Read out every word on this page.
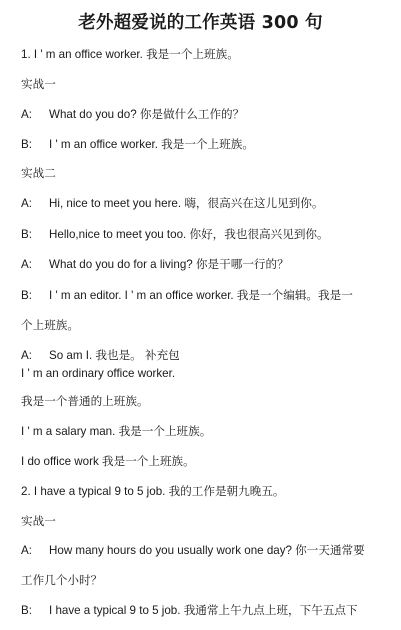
老外超爱说的工作英语 300 句
1. I ' m an office worker. 我是一个上班族。
实战一
A: What do you do? 你是做什么工作的？
B: I ' m an office worker. 我是一个上班族。
实战二
A: Hi, nice to meet you here. 嗨，很高兴在这儿见到你。
B: Hello,nice to meet you too. 你好，我也很高兴见到你。
A: What do you do for a living? 你是干哪一行的？
B: I ' m an editor. I ' m an office worker. 我是一个编辑。我是一
个上班族。
A: So am I. 我也是。 补充包
I ' m an ordinary office worker.
我是一个普通的上班族。
I ' m a salary man. 我是一个上班族。
I do office work 我是一个上班族。
2. I have a typical 9 to 5 job. 我的工作是朝九晚五。
实战一
A: How many hours do you usually work one day? 你一天通常要
工作几个小时？
B: I have a typical 9 to 5 job. 我通常上午九点上班，下午五点下
